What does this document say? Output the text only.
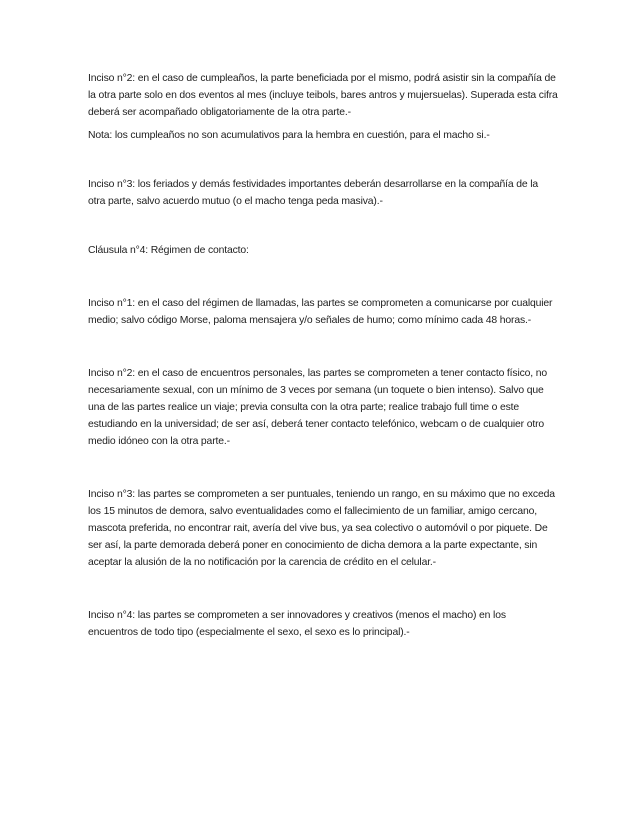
Inciso n°2: en el caso de cumpleaños, la parte beneficiada por el mismo, podrá asistir sin la compañía de la otra parte solo en dos eventos al mes (incluye teibols, bares antros y mujersuelas). Superada esta cifra deberá ser acompañado obligatoriamente de la otra parte.-

Nota: los cumpleaños no son acumulativos para la hembra en cuestión, para el macho si.-

Inciso n°3: los feriados y demás festividades importantes deberán desarrollarse en la compañía de la otra parte, salvo acuerdo mutuo (o el macho tenga peda masiva).-

Cláusula n°4: Régimen de contacto:

Inciso n°1: en el caso del régimen de llamadas, las partes se comprometen a comunicarse por cualquier medio; salvo código Morse, paloma mensajera y/o señales de humo; como mínimo cada 48 horas.-

Inciso n°2: en el caso de encuentros personales, las partes se comprometen a tener contacto físico, no necesariamente sexual, con un mínimo de 3 veces por semana (un toquete o bien intenso). Salvo que una de las partes realice un viaje; previa consulta con la otra parte; realice trabajo full time o este estudiando en la universidad; de ser así, deberá tener contacto telefónico, webcam o de cualquier otro medio idóneo con la otra parte.-

Inciso n°3: las partes se comprometen a ser puntuales, teniendo un rango, en su máximo que no exceda los 15 minutos de demora, salvo eventualidades como el fallecimiento de un familiar, amigo cercano, mascota preferida, no encontrar rait, avería del vive bus, ya sea colectivo o automóvil o por piquete. De ser así, la parte demorada deberá poner en conocimiento de dicha demora a la parte expectante, sin aceptar la alusión de la no notificación por la carencia de crédito en el celular.-

Inciso n°4: las partes se comprometen a ser innovadores y creativos (menos el macho) en los encuentros de todo tipo (especialmente el sexo, el sexo es lo principal).-
